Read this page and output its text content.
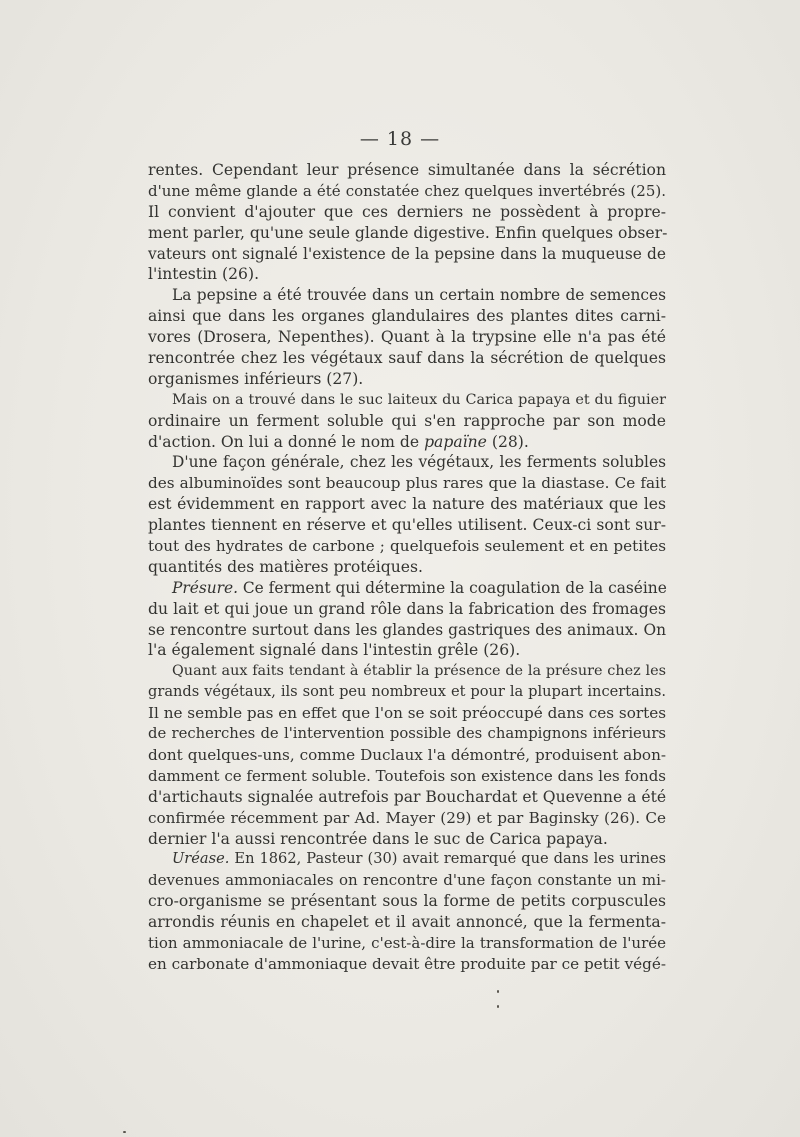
— 18 —
rentes. Cependant leur présence simultanée dans la sécrétion
d'une même glande a été constatée chez quelques invertébrés (25).
Il convient d'ajouter que ces derniers ne possèdent à propre-
ment parler, qu'une seule glande digestive. Enfin quelques obser-
vateurs ont signalé l'existence de la pepsine dans la muqueuse de
l'intestin (26).
La pepsine a été trouvée dans un certain nombre de semences
ainsi que dans les organes glandulaires des plantes dites carni-
vores (Drosera, Nepenthes). Quant à la trypsine elle n'a pas été
rencontrée chez les végétaux sauf dans la sécrétion de quelques
organismes inférieurs (27).
Mais on a trouvé dans le suc laiteux du Carica papaya et du figuier
ordinaire un ferment soluble qui s'en rapproche par son mode
d'action. On lui a donné le nom de papaïne (28).
D'une façon générale, chez les végétaux, les ferments solubles
des albuminoïdes sont beaucoup plus rares que la diastase. Ce fait
est évidemment en rapport avec la nature des matériaux que les
plantes tiennent en réserve et qu'elles utilisent. Ceux-ci sont sur-
tout des hydrates de carbone ; quelquefois seulement et en petites
quantités des matières protéiques.
Présure. Ce ferment qui détermine la coagulation de la caséine
du lait et qui joue un grand rôle dans la fabrication des fromages
se rencontre surtout dans les glandes gastriques des animaux. On
l'a également signalé dans l'intestin grêle (26).
Quant aux faits tendant à établir la présence de la présure chez les
grands végétaux, ils sont peu nombreux et pour la plupart incertains.
Il ne semble pas en effet que l'on se soit préoccupé dans ces sortes
de recherches de l'intervention possible des champignons inférieurs
dont quelques-uns, comme Duclaux l'a démontré, produisent abon-
damment ce ferment soluble. Toutefois son existence dans les fonds
d'artichauts signalée autrefois par Bouchardat et Quevenne a été
confirmée récemment par Ad. Mayer (29) et par Baginsky (26). Ce
dernier l'a aussi rencontrée dans le suc de Carica papaya.
Uréase. En 1862, Pasteur (30) avait remarqué que dans les urines
devenues ammoniacales on rencontre d'une façon constante un mi-
cro-organisme se présentant sous la forme de petits corpuscules
arrondis réunis en chapelet et il avait annoncé, que la fermenta-
tion ammoniacale de l'urine, c'est-à-dire la transformation de l'urée
en carbonate d'ammoniaque devait être produite par ce petit végé-
